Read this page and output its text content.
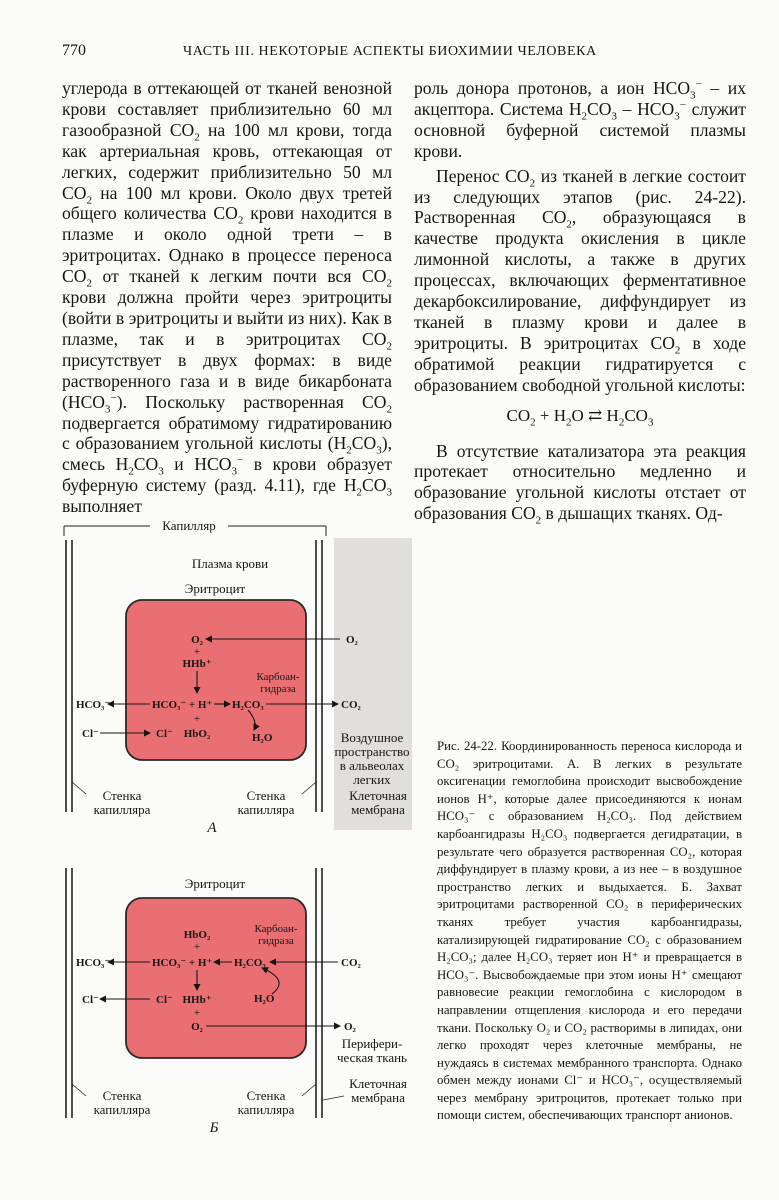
770	ЧАСТЬ III. НЕКОТОРЫЕ АСПЕКТЫ БИОХИМИИ ЧЕЛОВЕКА

углерода в оттекающей от тканей венозной крови составляет приблизительно 60 мл газообразной $CO_2$ на 100 мл крови, тогда как артериальная кровь, оттекающая от легких, содержит приблизительно 50 мл $CO_2$ на 100 мл крови. Около двух третей общего количества $CO_2$ крови находится в плазме и около одной трети – в эритроцитах. Однако в процессе переноса $CO_2$ от тканей к легким почти вся $CO_2$ крови должна пройти через эритроциты (войти в эритроциты и выйти из них). Как в плазме, так и в эритроцитах $CO_2$ присутствует в двух формах: в виде растворенного газа и в виде бикарбоната $(HCO_3^-)$. Поскольку растворенная $CO_2$ подвергается обратимому гидратированию с образованием угольной кислоты $(H_2CO_3)$, смесь $H_2CO_3$ и $HCO_3^-$ в крови образует буферную систему (разд. 4.11), где $H_2CO_3$ выполняет

роль донора протонов, а ион $HCO_3^-$ – их акцептора. Система $H_2CO_3 - HCO_3^-$ служит основной буферной системой плазмы крови.

Перенос $CO_2$ из тканей в легкие состоит из следующих этапов (рис. 24-22). Растворенная $CO_2$, образующаяся в качестве продукта окисления в цикле лимонной кислоты, а также в других процессах, включающих ферментативное декарбоксилирование, диффундирует из тканей в плазму крови и далее в эритроциты. В эритроцитах $CO_2$ в ходе обратимой реакции гидратируется с образованием свободной угольной кислоты:

$CO_2 + H_2O$ ⇄ $H_2CO_3$

В отсутствие катализатора эта реакция протекает относительно медленно и образование угольной кислоты отстает от образования $CO_2$ в дышащих тканях. Од-

Капилляр
Плазма крови
Эритроцит
Карбоан-
гидраза
O₂	O₂
+
HHb⁺
HCO₃⁻	HCO₃⁻ + H⁺ H₂CO₃	CO₂
H₂O
Cl⁻	Cl⁻
+
HbO₂	Воздушное
пространство
в альвеолах
легких
Клеточная
мембрана
Стенка
капилляра
Стенка
капилляра
А
Эритроцит
Карбоан-
гидраза
HbO₂
+
HCO₃⁻	HCO₃⁻ + H⁺ H₂CO₃	CO₂
Cl⁻	Cl⁻ HHb⁺
+
O₂	O₂
H₂O
Перифери-
ческая ткань
Клеточная
мембрана
Стенка
капилляра
Стенка
капилляра
Б

Рис. 24-22. Координированность переноса кислорода и CO₂ эритроцитами. А. В легких в результате оксигенации гемоглобина происходит высвобождение ионов H⁺, которые далее присоединяются к ионам HCO₃⁻ с образованием H₂CO₃. Под действием карбоангидразы H₂CO₃ подвергается дегидратации, в результате чего образуется растворенная CO₂, которая диффундирует в плазму крови, а из нее – в воздушное пространство легких и выдыхается. Б. Захват эритроцитами растворенной CO₂ в периферических тканях требует участия карбоангидразы, катализирующей гидратирование CO₂ с образованием H₂CO₃; далее H₂CO₃ теряет ион H⁺ и превращается в HCO₃⁻. Высвобождаемые при этом ионы H⁺ смещают равновесие реакции гемоглобина с кислородом в направлении отщепления кислорода и его передачи ткани. Поскольку O₂ и CO₂ растворимы в липидах, они легко проходят через клеточные мембраны, не нуждаясь в системах мембранного транспорта. Однако обмен между ионами Cl⁻ и HCO₃⁻, осуществляемый через мембрану эритроцитов, протекает только при помощи систем, обеспечивающих транспорт анионов.
